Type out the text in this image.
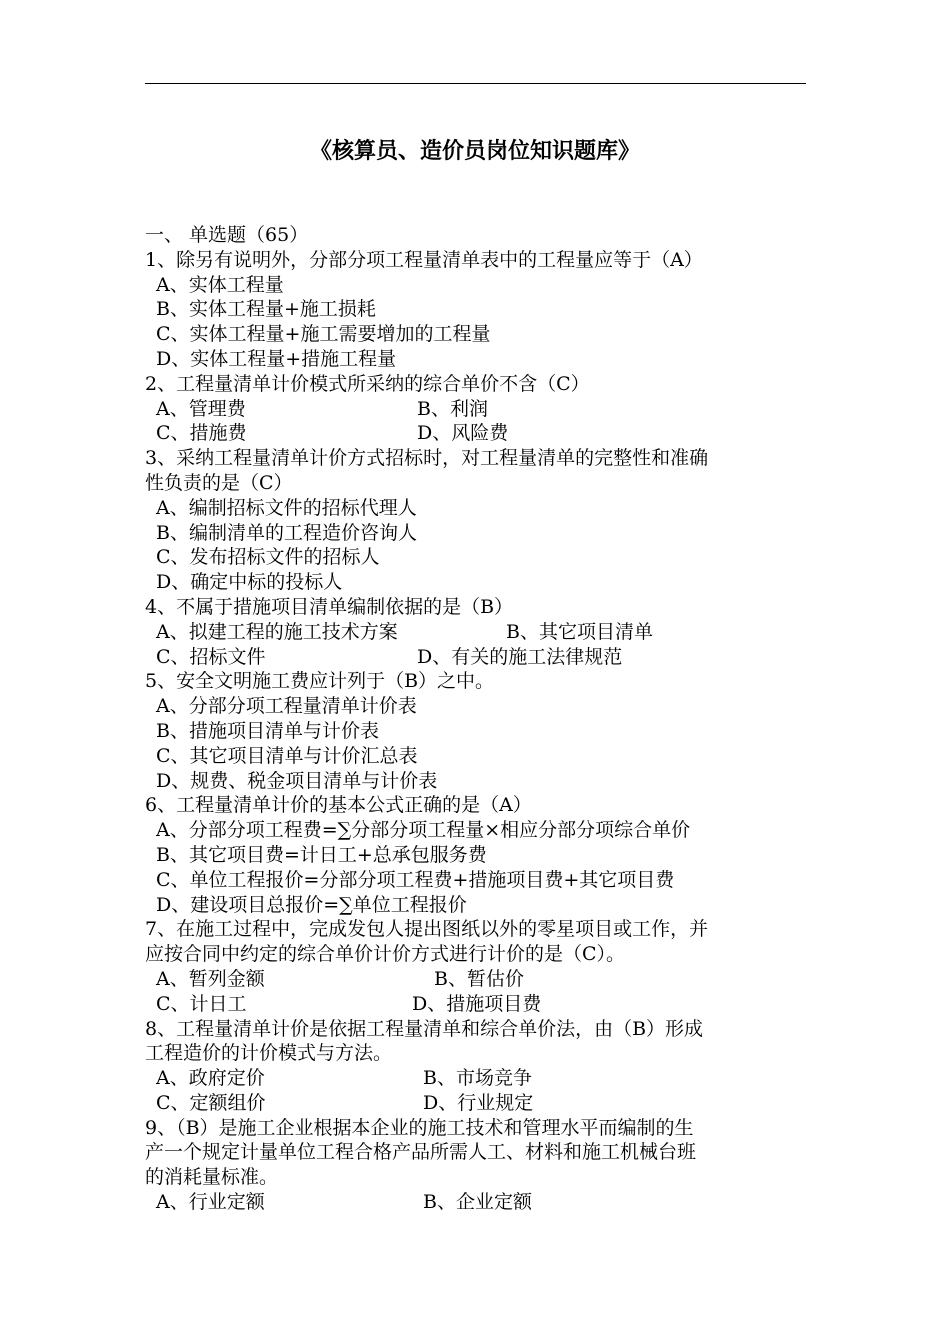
《核算员、造价员岗位知识题库》
一、 单选题（65）
1、除另有说明外，分部分项工程量清单表中的工程量应等于（A）
A、实体工程量
B、实体工程量+施工损耗
C、实体工程量+施工需要增加的工程量
D、实体工程量+措施工程量
2、工程量清单计价模式所采纳的综合单价不含（C）
A、管理费	B、利润
C、措施费	D、风险费
3、采纳工程量清单计价方式招标时，对工程量清单的完整性和准确
性负责的是（C）
A、编制招标文件的招标代理人
B、编制清单的工程造价咨询人
C、发布招标文件的招标人
D、确定中标的投标人
4、不属于措施项目清单编制依据的是（B）
A、拟建工程的施工技术方案	B、其它项目清单
C、招标文件	D、有关的施工法律规范
5、安全文明施工费应计列于（B）之中。
A、分部分项工程量清单计价表
B、措施项目清单与计价表
C、其它项目清单与计价汇总表
D、规费、税金项目清单与计价表
6、工程量清单计价的基本公式正确的是（A）
A、分部分项工程费=∑分部分项工程量×相应分部分项综合单价
B、其它项目费=计日工+总承包服务费
C、单位工程报价=分部分项工程费+措施项目费+其它项目费
D、建设项目总报价=∑单位工程报价
7、在施工过程中，完成发包人提出图纸以外的零星项目或工作，并
应按合同中约定的综合单价计价方式进行计价的是（C）。
A、暂列金额	B、暂估价
C、计日工	D、措施项目费
8、工程量清单计价是依据工程量清单和综合单价法，由（B）形成
工程造价的计价模式与方法。
A、政府定价	B、市场竞争
C、定额组价	D、行业规定
9、（B）是施工企业根据本企业的施工技术和管理水平而编制的生
产一个规定计量单位工程合格产品所需人工、材料和施工机械台班
的消耗量标准。
A、行业定额	B、企业定额
